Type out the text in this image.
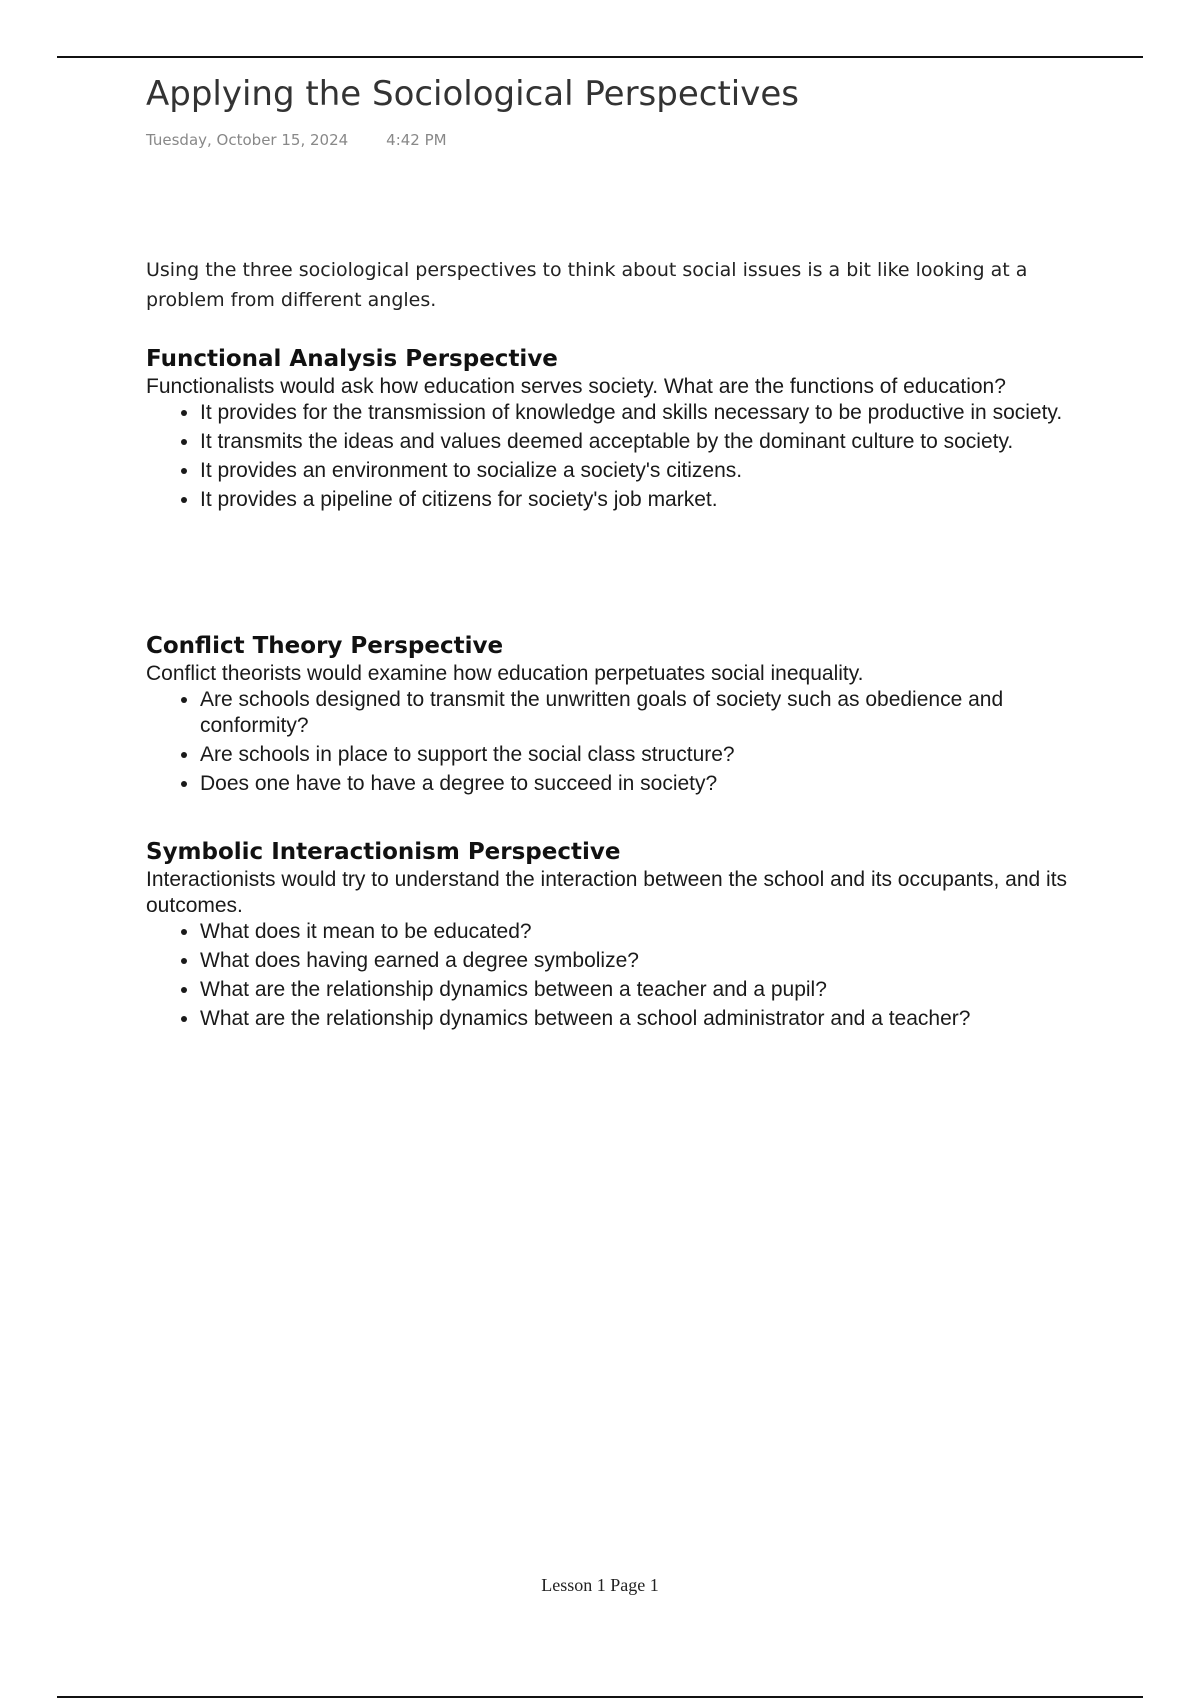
Applying the Sociological Perspectives
Tuesday, October 15, 2024	4:42 PM

Using the three sociological perspectives to think about social issues is a bit like looking at a problem from different angles.

Functional Analysis Perspective

Functionalists would ask how education serves society. What are the functions of education?

• It provides for the transmission of knowledge and skills necessary to be productive in society.
• It transmits the ideas and values deemed acceptable by the dominant culture to society.
• It provides an environment to socialize a society's citizens.
• It provides a pipeline of citizens for society's job market.
Conflict Theory Perspective

Conflict theorists would examine how education perpetuates social inequality.

• Are schools designed to transmit the unwritten goals of society such as obedience and conformity?
• Are schools in place to support the social class structure?
• Does one have to have a degree to succeed in society?
Symbolic Interactionism Perspective

Interactionists would try to understand the interaction between the school and its occupants, and its outcomes.

• What does it mean to be educated?
• What does having earned a degree symbolize?
• What are the relationship dynamics between a teacher and a pupil?
• What are the relationship dynamics between a school administrator and a teacher?
Lesson 1 Page 1
